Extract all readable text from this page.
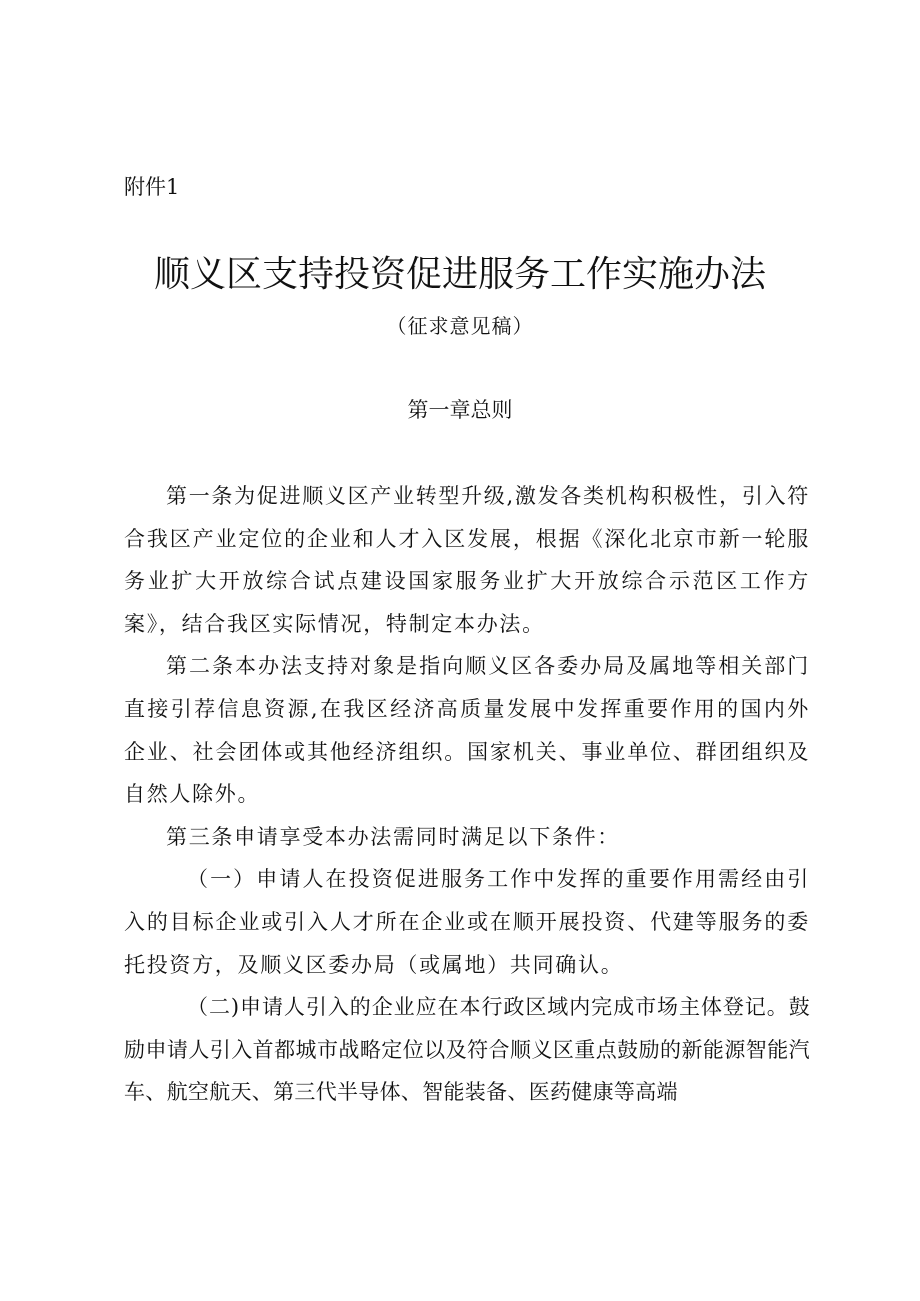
附件1
顺义区支持投资促进服务工作实施办法
（征求意见稿）
第一章总则

第一条为促进顺义区产业转型升级,激发各类机构积极性，引入符合我区产业定位的企业和人才入区发展，根据《深化北京市新一轮服务业扩大开放综合试点建设国家服务业扩大开放综合示范区工作方案》，结合我区实际情况，特制定本办法。

第二条本办法支持对象是指向顺义区各委办局及属地等相关部门直接引荐信息资源,在我区经济高质量发展中发挥重要作用的国内外企业、社会团体或其他经济组织。国家机关、事业单位、群团组织及自然人除外。

第三条申请享受本办法需同时满足以下条件：

（一）申请人在投资促进服务工作中发挥的重要作用需经由引入的目标企业或引入人才所在企业或在顺开展投资、代建等服务的委托投资方，及顺义区委办局（或属地）共同确认。

（二)申请人引入的企业应在本行政区域内完成市场主体登记。鼓励申请人引入首都城市战略定位以及符合顺义区重点鼓励的新能源智能汽车、航空航天、第三代半导体、智能装备、医药健康等高端
